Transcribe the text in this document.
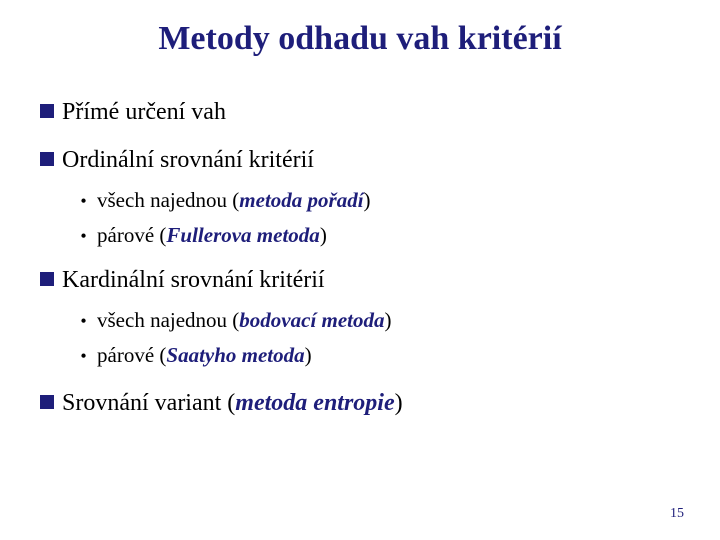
Metody odhadu vah kritérií
Přímé určení vah
Ordinální srovnání kritérií
• všech najednou (metoda pořadí)
• párové (Fullerova metoda)
Kardinální srovnání kritérií
• všech najednou (bodovací metoda)
• párové (Saatyho metoda)
Srovnání variant (metoda entropie)
15
